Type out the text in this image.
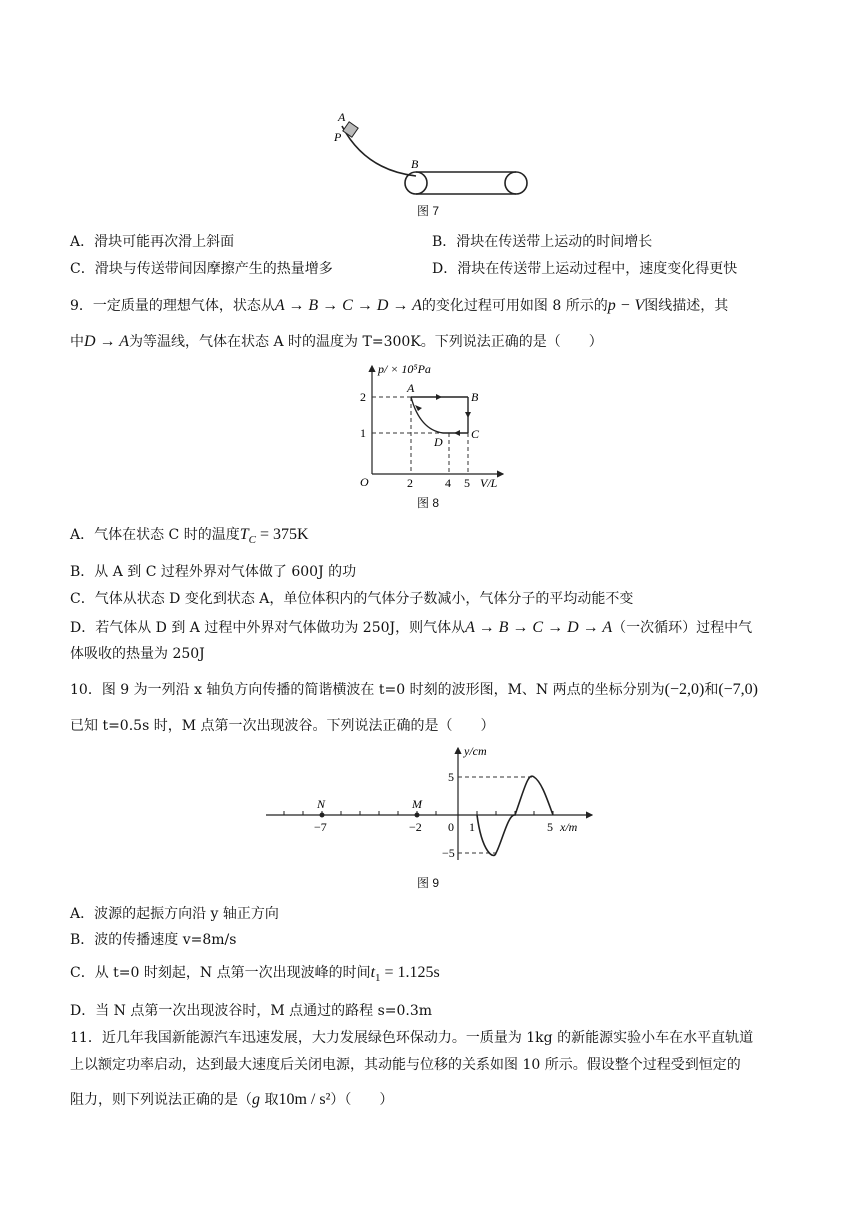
A
P
B
图 7
A．滑块可能再次滑上斜面	B．滑块在传送带上运动的时间增长
C．滑块与传送带间因摩擦产生的热量增多	D．滑块在传送带上运动过程中，速度变化得更快
9．一定质量的理想气体，状态从A → B → C → D → A的变化过程可用如图 8 所示的p − V图线描述，其
中D → A为等温线，气体在状态 A 时的温度为 T=300K。下列说法正确的是（　　）
p/ × 10⁵Pa
V/L
O
2
1
2	4 5
A
B
C
D
图 8
A．气体在状态 C 时的温度$T_C = 375K$
B．从 A 到 C 过程外界对气体做了 600J 的功
C．气体从状态 D 变化到状态 A，单位体积内的气体分子数减小，气体分子的平均动能不变
D．若气体从 D 到 A 过程中外界对气体做功为 250J，则气体从A → B → C → D → A（一次循环）过程中气
体吸收的热量为 250J
10．图 9 为一列沿 x 轴负方向传播的简谐横波在 t=0 时刻的波形图，M、N 两点的坐标分别为(−2,0)和(−7,0)
已知 t=0.5s 时，M 点第一次出现波谷。下列说法正确的是（　　）
N	M
y/cm
x/m
5
−5
−7	−2 0 1	5
图 9
A．波源的起振方向沿 y 轴正方向
B．波的传播速度 v=8m/s
C．从 t=0 时刻起，N 点第一次出现波峰的时间$t_1 = 1.125s$
D．当 N 点第一次出现波谷时，M 点通过的路程 s=0.3m
11．近几年我国新能源汽车迅速发展，大力发展绿色环保动力。一质量为 1kg 的新能源实验小车在水平直轨道
上以额定功率启动，达到最大速度后关闭电源，其动能与位移的关系如图 10 所示。假设整个过程受到恒定的
阻力，则下列说法正确的是（g 取10m / s²）（　　）
